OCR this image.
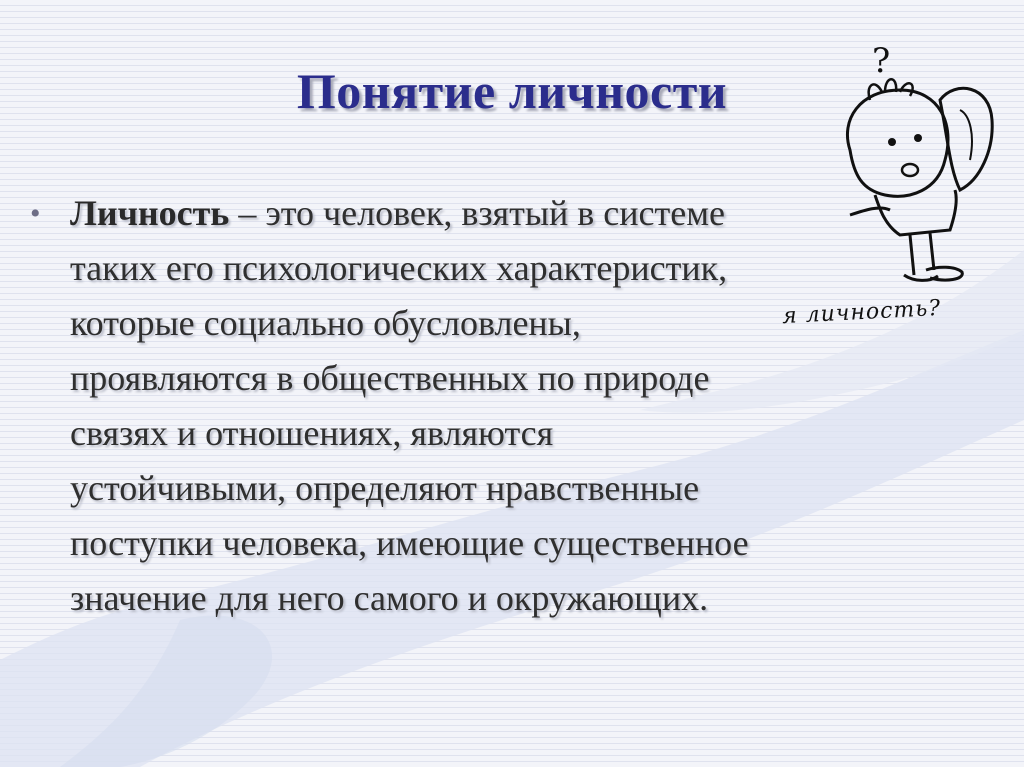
Понятие личности
• Личность – это человек, взятый в системе
таких его психологических характеристик,
которые социально обусловлены,
проявляются в общественных по природе
связях и отношениях, являются
устойчивыми, определяют нравственные
поступки человека, имеющие существенное
значение для него самого и окружающих.
?
я личность?
